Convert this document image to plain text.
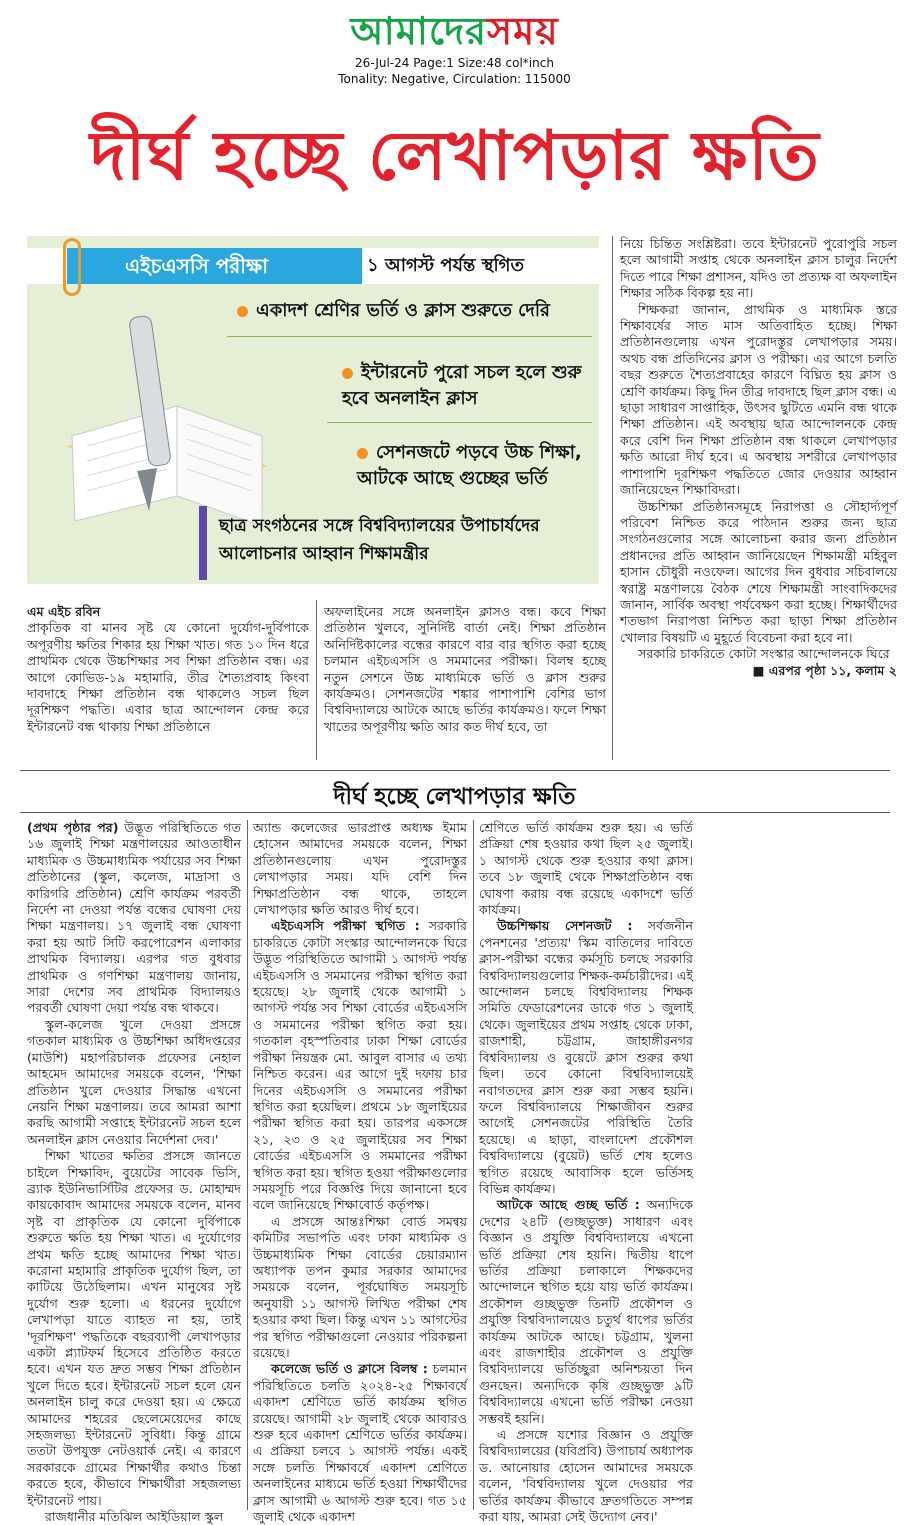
আমাদেরসময়
26-Jul-24 Page:1 Size:48 col*inch
Tonality: Negative, Circulation: 115000
দীর্ঘ হচ্ছে লেখাপড়ার ক্ষতি
এইচএসসি পরীক্ষা	১ আগস্ট পর্যন্ত স্থগিত
একাদশ শ্রেণির ভর্তি ও ক্লাস শুরুতে দেরি
ইন্টারনেট পুরো সচল হলে শুরু হবে অনলাইন ক্লাস
সেশনজটে পড়বে উচ্চ শিক্ষা, আটকে আছে গুচ্ছের ভর্তি
ছাত্র সংগঠনের সঙ্গে বিশ্ববিদ্যালয়ের উপাচার্যদের আলোচনার আহ্বান শিক্ষামন্ত্রীর

নিয়ে চিন্তিত সংশ্লিষ্টরা। তবে ইন্টারনেট পুরোপুরি সচল হলে আগামী সপ্তাহ থেকে অনলাইন ক্লাস চালুর নির্দেশ দিতে পারে শিক্ষা প্রশাসন, যদিও তা প্রত্যক্ষ বা অফলাইন শিক্ষার সঠিক বিকল্প হয় না।

শিক্ষকরা জানান, প্রাথমিক ও মাধ্যমিক স্তরে শিক্ষাবর্ষের সাত মাস অতিবাহিত হচ্ছে। শিক্ষা প্রতিষ্ঠানগুলোয় এখন পুরোদস্তুর লেখাপড়ার সময়। অথচ বন্ধ প্রতিদিনের ক্লাস ও পরীক্ষা। এর আগে চলতি বছর শুরুতে শৈত্যপ্রবাহের কারণে বিঘ্নিত হয় ক্লাস ও শ্রেণি কার্যক্রম। কিছু দিন তীব্র দাবদাহে ছিল ক্লাস বন্ধ। এ ছাড়া সাধারণ সাপ্তাহিক, উৎসব ছুটিতে এমনি বন্ধ থাকে শিক্ষা প্রতিষ্ঠান। এই অবস্থায় ছাত্র আন্দোলনকে কেন্দ্র করে বেশি দিন শিক্ষা প্রতিষ্ঠান বন্ধ থাকলে লেখাপড়ার ক্ষতি আরো দীর্ঘ হবে। এ অবস্থায় সশরীরে লেখাপড়ার পাশাপাশি দূরশিক্ষণ পদ্ধতিতে জোর দেওয়ার আহ্বান জানিয়েছেন শিক্ষাবিদরা।

উচ্চশিক্ষা প্রতিষ্ঠানসমূহে নিরাপত্তা ও সৌহার্দ্যপূর্ণ পরিবেশ নিশ্চিত করে পাঠদান শুরুর জন্য ছাত্র সংগঠনগুলোর সঙ্গে আলোচনা করার জন্য প্রতিষ্ঠান প্রধানদের প্রতি আহ্বান জানিয়েছেন শিক্ষামন্ত্রী মহিবুল হাসান চৌধুরী নওফেল। আগের দিন বুধবার সচিবালয়ে স্বরাষ্ট্র মন্ত্রণালয়ে বৈঠক শেষে শিক্ষামন্ত্রী সাংবাদিকদের জানান, সার্বিক অবস্থা পর্যবেক্ষণ করা হচ্ছে। শিক্ষার্থীদের শতভাগ নিরাপত্তা নিশ্চিত করা ছাড়া শিক্ষা প্রতিষ্ঠান খোলার বিষয়টি এ মুহূর্তে বিবেচনা করা হবে না।

সরকারি চাকরিতে কোটা সংস্কার আন্দোলনকে ঘিরে

■ এরপর পৃষ্ঠা ১১, কলাম ২
এম এইচ রবিন

প্রাকৃতিক বা মানব সৃষ্ট যে কোনো দুর্যোগ-দুর্বিপাকে অপূরণীয় ক্ষতির শিকার হয় শিক্ষা খাত। গত ১০ দিন ধরে প্রাথমিক থেকে উচ্চশিক্ষার সব শিক্ষা প্রতিষ্ঠান বন্ধ। এর আগে কোভিড-১৯ মহামারি, তীব্র শৈত্যপ্রবাহ কিংবা দাবদাহে শিক্ষা প্রতিষ্ঠান বন্ধ থাকলেও সচল ছিল দূরশিক্ষণ পদ্ধতি। এবার ছাত্র আন্দোলন কেন্দ্র করে ইন্টারনেট বন্ধ থাকায় শিক্ষা প্রতিষ্ঠানে

অফলাইনের সঙ্গে অনলাইন ক্লাসও বন্ধ। কবে শিক্ষা প্রতিষ্ঠান খুলবে, সুনির্দিষ্ট বার্তা নেই। শিক্ষা প্রতিষ্ঠান অনির্দিষ্টকালের বন্ধের কারণে বার বার স্থগিত করা হচ্ছে চলমান এইচএসসি ও সমমানের পরীক্ষা। বিলম্ব হচ্ছে নতুন সেশনে উচ্চ মাধ্যমিকে ভর্তি ও ক্লাস শুরুর কার্যক্রমও। সেশনজটের শঙ্কার পাশাপাশি বেশির ভাগ বিশ্ববিদ্যালয়ে আটকে আছে ভর্তির কার্যক্রমও। ফলে শিক্ষা খাতের অপূরণীয় ক্ষতি আর কত দীর্ঘ হবে, তা

দীর্ঘ হচ্ছে লেখাপড়ার ক্ষতি

(প্রথম পৃষ্ঠার পর) উদ্ভূত পরিস্থিতিতে গত ১৬ জুলাই শিক্ষা মন্ত্রণালয়ের আওতাধীন মাধ্যমিক ও উচ্চমাধ্যমিক পর্যায়ের সব শিক্ষা প্রতিষ্ঠানের (স্কুল, কলেজ, মাদ্রাসা ও কারিগরি প্রতিষ্ঠান) শ্রেণি কার্যক্রম পরবর্তী নির্দেশ না দেওয়া পর্যন্ত বন্ধের ঘোষণা দেয় শিক্ষা মন্ত্রণালয়। ১৭ জুলাই বন্ধ ঘোষণা করা হয় আট সিটি করপোরেশন এলাকার প্রাথমিক বিদ্যালয়। এরপর গত বুধবার প্রাথমিক ও গণশিক্ষা মন্ত্রণালয় জানায়, সারা দেশের সব প্রাথমিক বিদ্যালয়ও পরবর্তী ঘোষণা দেয়া পর্যন্ত বন্ধ থাকবে।

স্কুল-কলেজ খুলে দেওয়া প্রসঙ্গে গতকাল মাধ্যমিক ও উচ্চশিক্ষা অধিদপ্তরের (মাউশি) মহাপরিচালক প্রফেসর নেহাল আহমেদ আমাদের সময়কে বলেন, 'শিক্ষা প্রতিষ্ঠান খুলে দেওয়ার সিদ্ধান্ত এখনো নেয়নি শিক্ষা মন্ত্রণালয়। তবে আমরা আশা করছি আগামী সপ্তাহে ইন্টারনেট সচল হলে অনলাইন ক্লাস নেওয়ার নির্দেশনা দেব।'

শিক্ষা খাতের ক্ষতির প্রসঙ্গে জানতে চাইলে শিক্ষাবিদ, বুয়েটের সাবেক ভিসি, ব্র্যাক ইউনিভার্সিটির প্রফেসর ড. মোহাম্মদ কায়কোবাদ আমাদের সময়কে বলেন, মানব সৃষ্ট বা প্রাকৃতিক যে কোনো দুর্বিপাকে শুরুতে ক্ষতি হয় শিক্ষা খাত। এ দুর্যোগের প্রথম ক্ষতি হচ্ছে আমাদের শিক্ষা খাত। করোনা মহামারি প্রাকৃতিক দুর্যোগ ছিল, তা কাটিয়ে উঠেছিলাম। এখন মানুষের সৃষ্ট দুর্যোগ শুরু হলো। এ ধরনের দুর্যোগে লেখাপড়া যাতে ব্যাহত না হয়, তাই 'দূরশিক্ষণ' পদ্ধতিকে বছরব্যাপী লেখাপড়ার একটা প্ল্যাটফর্ম হিসেবে প্রতিষ্ঠিত করতে হবে। এখন যত দ্রুত সম্ভব শিক্ষা প্রতিষ্ঠান খুলে দিতে হবে। ইন্টারনেট সচল হলে যেন অনলাইন চালু করে দেওয়া হয়। এ ক্ষেত্রে আমাদের শহরের ছেলেমেয়েদের কাছে সহজলভ্য ইন্টারনেট সুবিধা। কিন্তু গ্রামে ততটা উপযুক্ত নেটওয়ার্ক নেই। এ কারণে সরকারকে গ্রামের শিক্ষার্থীর কথাও চিন্তা করতে হবে, কীভাবে শিক্ষার্থীরা সহজলভ্য ইন্টারনেট পায়।

রাজধানীর মতিঝিল আইডিয়াল স্কুল

অ্যান্ড কলেজের ভারপ্রাপ্ত অধ্যক্ষ ইমাম হোসেন আমাদের সময়কে বলেন, শিক্ষা প্রতিষ্ঠানগুলোয় এখন পুরোদস্তুর লেখাপড়ার সময়। যদি বেশি দিন শিক্ষাপ্রতিষ্ঠান বন্ধ থাকে, তাহলে লেখাপড়ার ক্ষতি আরও দীর্ঘ হবে।

এইচএসসি পরীক্ষা স্থগিত : সরকারি চাকরিতে কোটা সংস্কার আন্দোলনকে ঘিরে উদ্ভূত পরিস্থিতিতে আগামী ১ আগস্ট পর্যন্ত এইচএসসি ও সমমানের পরীক্ষা স্থগিত করা হয়েছে। ২৮ জুলাই থেকে আগামী ১ আগস্ট পর্যন্ত সব শিক্ষা বোর্ডের এইচএসসি ও সমমানের পরীক্ষা স্থগিত করা হয়। গতকাল বৃহস্পতিবার ঢাকা শিক্ষা বোর্ডের পরীক্ষা নিয়ন্ত্রক মো. আবুল বাসার এ তথ্য নিশ্চিত করেন। এর আগে দুই দফায় চার দিনের এইচএসসি ও সমমানের পরীক্ষা স্থগিত করা হয়েছিল। প্রথমে ১৮ জুলাইয়ের পরীক্ষা স্থগিত করা হয়। তারপর একসঙ্গে ২১, ২৩ ও ২৫ জুলাইয়ের সব শিক্ষা বোর্ডের এইচএসসি ও সমমানের পরীক্ষা স্থগিত করা হয়। স্থগিত হওয়া পরীক্ষাগুলোর সময়সূচি পরে বিজ্ঞপ্তি দিয়ে জানানো হবে বলে জানিয়েছে শিক্ষাবোর্ড কর্তৃপক্ষ।

এ প্রসঙ্গে আন্তঃশিক্ষা বোর্ড সমন্বয় কমিটির সভাপতি এবং ঢাকা মাধ্যমিক ও উচ্চমাধ্যমিক শিক্ষা বোর্ডের চেয়ারম্যান অধ্যাপক তপন কুমার সরকার আমাদের সময়কে বলেন, পূর্বঘোষিত সময়সূচি অনুযায়ী ১১ আগস্ট লিখিত পরীক্ষা শেষ হওয়ার কথা ছিল। কিন্তু এখন ১১ আগস্টের পর স্থগিত পরীক্ষাগুলো নেওয়ার পরিকল্পনা রয়েছে।

কলেজে ভর্তি ও ক্লাসে বিলম্ব : চলমান পরিস্থিতিতে চলতি ২০২৪-২৫ শিক্ষাবর্ষে একাদশ শ্রেণিতে ভর্তি কার্যক্রম স্থগিত রয়েছে। আগামী ২৮ জুলাই থেকে আবারও শুরু হবে একাদশ শ্রেণিতে ভর্তির কার্যক্রম। এ প্রক্রিয়া চলবে ১ আগস্ট পর্যন্ত। একই সঙ্গে চলতি শিক্ষাবর্ষে একাদশ শ্রেণিতে অনলাইনের মাধ্যমে ভর্তি হওয়া শিক্ষার্থীদের ক্লাস আগামী ৬ আগস্ট শুরু হবে। গত ১৫ জুলাই থেকে একাদশ

শ্রেণিতে ভর্তি কার্যক্রম শুরু হয়। এ ভর্তি প্রক্রিয়া শেষ হওয়ার কথা ছিল ২৫ জুলাই। ১ আগস্ট থেকে শুরু হওয়ার কথা ক্লাস। তবে ১৮ জুলাই থেকে শিক্ষাপ্রতিষ্ঠান বন্ধ ঘোষণা করায় বন্ধ রয়েছে একাদশে ভর্তি কার্যক্রম।

উচ্চশিক্ষায় সেশনজট : সর্বজনীন পেনশনের 'প্রত্যয়' স্কিম বাতিলের দাবিতে ক্লাস-পরীক্ষা বন্ধের কর্মসূচি চলছে সরকারি বিশ্ববিদ্যালয়গুলোর শিক্ষক-কর্মচারীদের। এই আন্দোলন চলছে বিশ্ববিদ্যালয় শিক্ষক সমিতি ফেডারেশনের ডাকে গত ১ জুলাই থেকে। জুলাইয়ের প্রথম সপ্তাহ থেকে ঢাকা, রাজশাহী, চট্টগ্রাম, জাহাঙ্গীরনগর বিশ্ববিদ্যালয় ও বুয়েটে ক্লাস শুরুর কথা ছিল। তবে কোনো বিশ্ববিদ্যালয়েই নবাগতদের ক্লাস শুরু করা সম্ভব হয়নি। ফলে বিশ্ববিদ্যালয়ে শিক্ষাজীবন শুরুর আগেই সেশনজটের পরিস্থিতি তৈরি হয়েছে। এ ছাড়া, বাংলাদেশ প্রকৌশল বিশ্ববিদ্যালয়ে (বুয়েট) ভর্তি শেষ হলেও স্থগিত রয়েছে আবাসিক হলে ভর্তিসহ বিভিন্ন কার্যক্রম।

আটকে আছে গুচ্ছ ভর্তি : অন্যদিকে দেশের ২৪টি (গুচ্ছভুক্ত) সাধারণ এবং বিজ্ঞান ও প্রযুক্তি বিশ্ববিদ্যালয়ে এখনো ভর্তি প্রক্রিয়া শেষ হয়নি। দ্বিতীয় ধাপে ভর্তির প্রক্রিয়া চলাকালে শিক্ষকদের আন্দোলনে স্থগিত হয়ে যায় ভর্তি কার্যক্রম। প্রকৌশল গুচ্ছভুক্ত তিনটি প্রকৌশল ও প্রযুক্তি বিশ্ববিদ্যালয়েও চতুর্থ ধাপের ভর্তির কার্যক্রম আটকে আছে। চট্টগ্রাম, খুলনা এবং রাজশাহীর প্রকৌশল ও প্রযুক্তি বিশ্ববিদ্যালয়ে ভর্তিচ্ছুরা অনিশ্চয়তা দিন গুনছেন। অন্যদিকে কৃষি গুচ্ছভুক্ত ৯টি বিশ্ববিদ্যালয়ে এখনো ভর্তি পরীক্ষা নেওয়া সম্ভবই হয়নি।

এ প্রসঙ্গে যশোর বিজ্ঞান ও প্রযুক্তি বিশ্ববিদ্যালয়ের (যবিপ্রবি) উপাচার্য অধ্যাপক ড. আনোয়ার হোসেন আমাদের সময়কে বলেন, 'বিশ্ববিদ্যালয় খুলে দেওয়ার পর ভর্তির কার্যক্রম কীভাবে দ্রুতগতিতে সম্পন্ন করা যায়, আমরা সেই উদ্যোগ নেব।'
